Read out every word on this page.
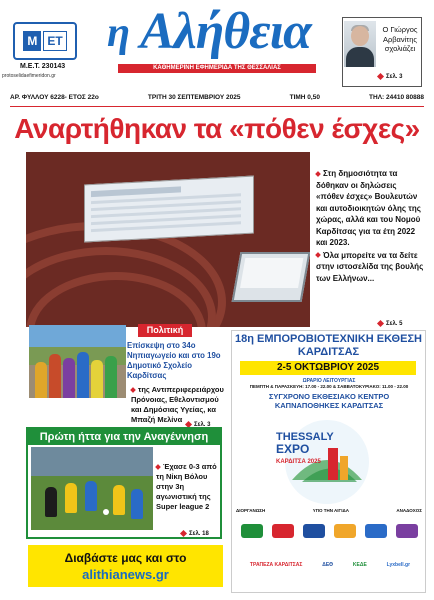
Μ ΕΤ
Μ.Ε.Τ. 230143
protoselidaefimeridon.gr
η Αλήθεια
ΚΑΘΗΜΕΡΙΝΗ ΕΦΗΜΕΡΙΔΑ ΤΗΣ ΘΕΣΣΑΛΙΑΣ
Ο Γιώργος Αρβανίτης σχολιάζει
Σελ. 3
ΑΡ. ΦΥΛΛΟΥ 6228- ΕΤΟΣ 22ο	ΤΡΙΤΗ 30 ΣΕΠΤΕΜΒΡΙΟΥ 2025	ΤΙΜΗ 0,50	ΤΗΛ: 24410 80888
Αναρτήθηκαν τα «πόθεν έσχες»

Στη δημοσιότητα τα δόθηκαν οι δηλώσεις «πόθεν έσχες» Βουλευτών και αυτοδιοικητών όλης της χώρας, αλλά και του Νομού Καρδίτσας για τα έτη 2022 και 2023.

Όλα μπορείτε να τα δείτε στην ιστοσελίδα της βουλής των Ελλήνων...

Σελ. 5
Πολιτική
Επίσκεψη στο 34ο Νηπιαγωγείο και στο 19ο Δημοτικό Σχολείο Καρδίτσας
της Αντιπεριφερειάρχου Πρόνοιας, Εθελοντισμού και Δημόσιας Υγείας, κα Μπαζή Μελίνα
Σελ. 3
Πρώτη ήττα για την Αναγέννηση
Έχασε 0-3 από τη Νίκη Βόλου στην 3η αγωνιστική της Super league 2
Σελ. 18
Διαβάστε μας και στο
alithianews.gr
18η ΕΜΠΟΡΟΒΙΟΤΕΧΝΙΚΗ ΕΚΘΕΣΗ ΚΑΡΔΙΤΣΑΣ
2-5 ΟΚΤΩΒΡΙΟΥ 2025
ΩΡΑΡΙΟ ΛΕΙΤΟΥΡΓΙΑΣ
ΠΕΜΠΤΗ & ΠΑΡΑΣΚΕΥΗ: 17.00 - 22.00 & ΣΑΒΒΑΤΟΚΥΡΙΑΚΟ: 11.00 - 22.00
ΣΥΓΧΡΟΝΟ ΕΚΘΕΣΙΑΚΟ ΚΕΝΤΡΟ ΚΑΠΝΑΠΟΘΗΚΕΣ ΚΑΡΔΙΤΣΑΣ
THESSALY
EXPO
ΚΑΡΔΙΤΣΑ 2025
ΔΙΟΡΓΑΝΩΣΗ	ΥΠΟ ΤΗΝ ΑΙΓΙΔΑ	ΑΝΑΔΟΧΟΣ
ΤΡΑΠΕΖΑ ΚΑΡΔΙΤΣΑΣ	ΔΕΘ	ΚΕΔΕ	Lyxbell.gr
